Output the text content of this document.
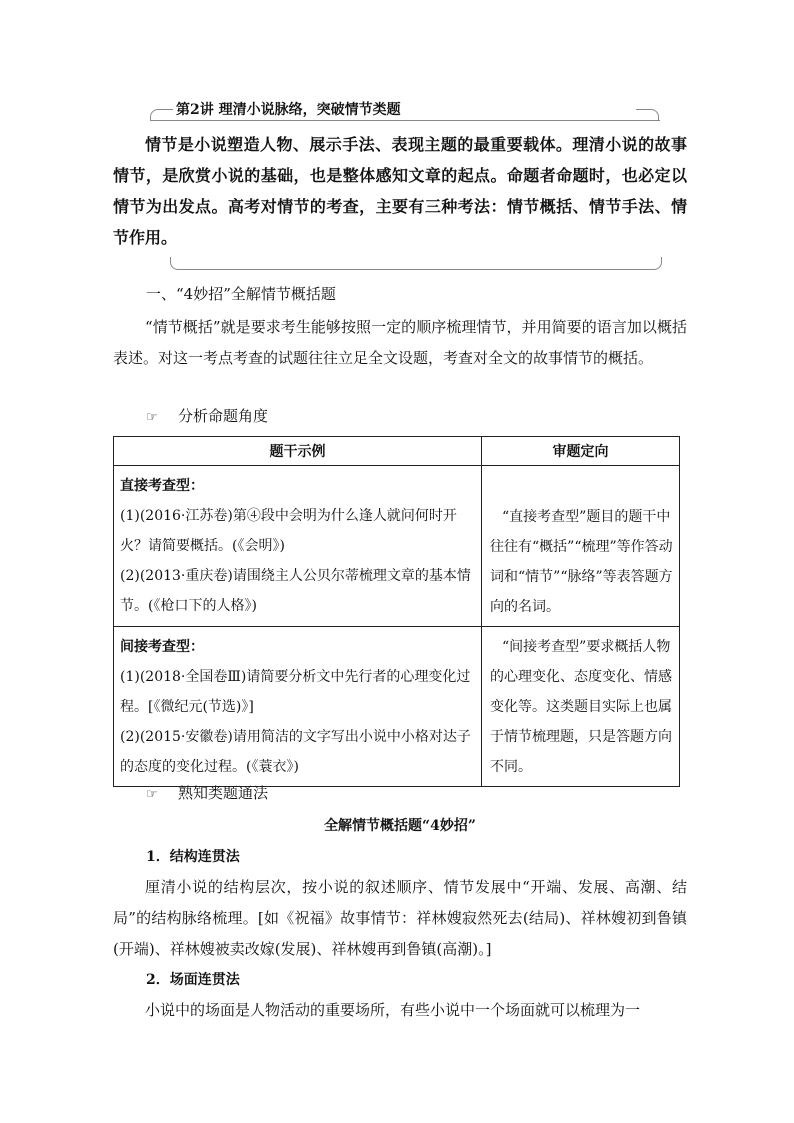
第2讲 理清小说脉络，突破情节类题
情节是小说塑造人物、展示手法、表现主题的最重要载体。理清小说的故事情节，是欣赏小说的基础，也是整体感知文章的起点。命题者命题时，也必定以情节为出发点。高考对情节的考查，主要有三种考法：情节概括、情节手法、情节作用。
一、“4妙招”全解情节概括题
“情节概括”就是要求考生能够按照一定的顺序梳理情节，并用简要的语言加以概括表述。对这一考点考查的试题往往立足全文设题，考查对全文的故事情节的概括。
☞ 分析命题角度
题干示例	审题定向

直接考查型：
(1)(2016·江苏卷)第④段中会明为什么逢人就问何时开火？请简要概括。(《会明》)
(2)(2013·重庆卷)请围绕主人公贝尔蒂梳理文章的基本情节。(《枪口下的人格》)	“直接考查型”题目的题干中往往有“概括”“梳理”等作答动词和“情节”“脉络”等表答题方向的名词。

间接考查型：
(1)(2018·全国卷Ⅲ)请简要分析文中先行者的心理变化过程。[《微纪元(节选)》]
(2)(2015·安徽卷)请用简洁的文字写出小说中小格对达子的态度的变化过程。(《蓑衣》)	“间接考查型”要求概括人物的心理变化、态度变化、情感变化等。这类题目实际上也属于情节梳理题，只是答题方向不同。
☞ 熟知类题通法
全解情节概括题“4妙招”
1．结构连贯法
厘清小说的结构层次，按小说的叙述顺序、情节发展中“开端、发展、高潮、结局”的结构脉络梳理。[如《祝福》故事情节：祥林嫂寂然死去(结局)、祥林嫂初到鲁镇(开端)、祥林嫂被卖改嫁(发展)、祥林嫂再到鲁镇(高潮)。]
2．场面连贯法
小说中的场面是人物活动的重要场所，有些小说中一个场面就可以梳理为一
